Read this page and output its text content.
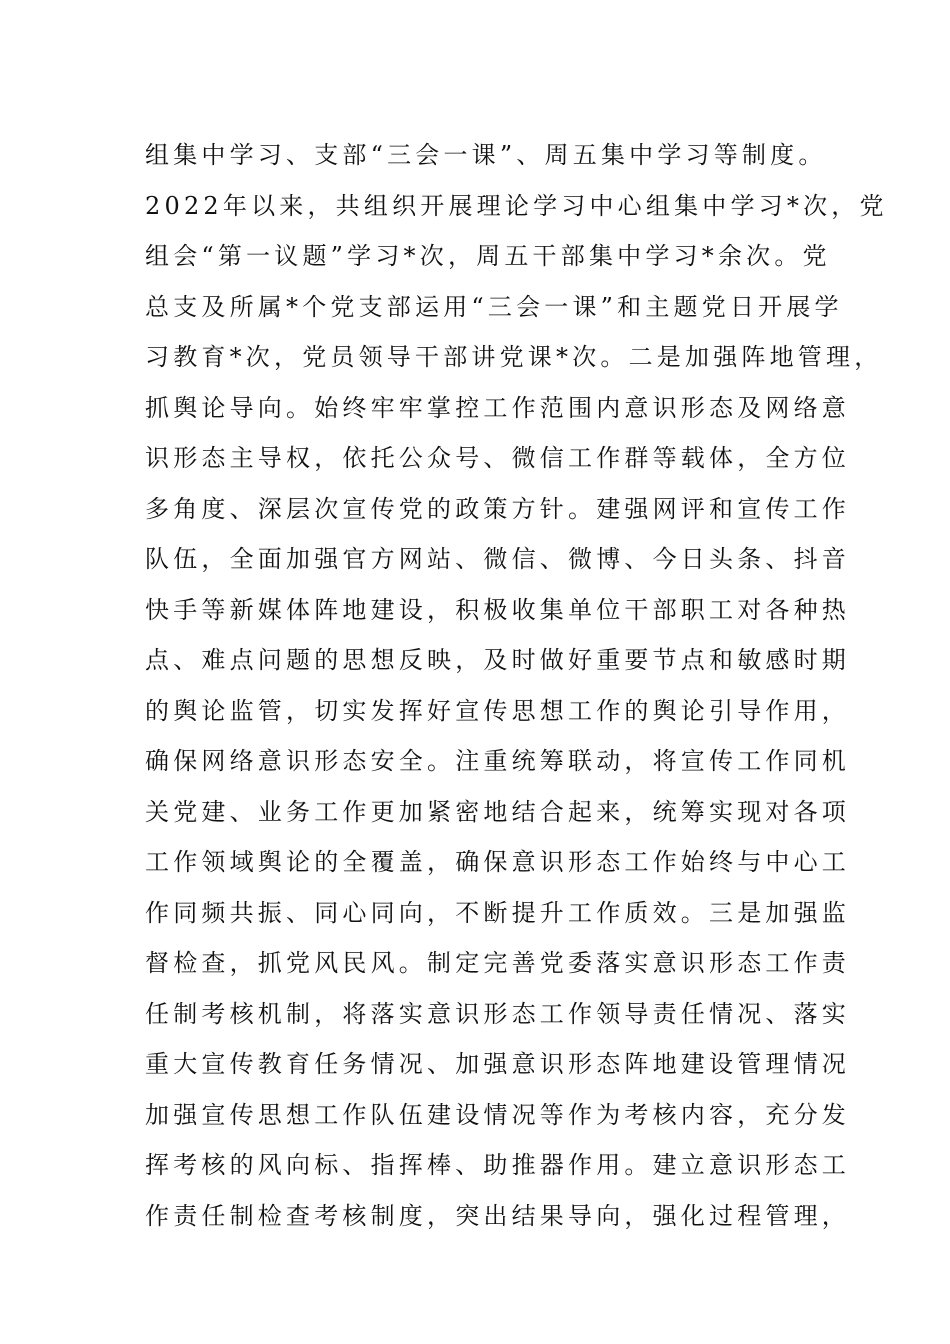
组集中学习、支部“三会一课”、周五集中学习等制度。
2022年以来，共组织开展理论学习中心组集中学习*次，党
组会“第一议题”学习*次，周五干部集中学习*余次。党
总支及所属*个党支部运用“三会一课”和主题党日开展学
习教育*次，党员领导干部讲党课*次。二是加强阵地管理，
抓舆论导向。始终牢牢掌控工作范围内意识形态及网络意
识形态主导权，依托公众号、微信工作群等载体，全方位
多角度、深层次宣传党的政策方针。建强网评和宣传工作
队伍，全面加强官方网站、微信、微博、今日头条、抖音
快手等新媒体阵地建设，积极收集单位干部职工对各种热
点、难点问题的思想反映，及时做好重要节点和敏感时期
的舆论监管，切实发挥好宣传思想工作的舆论引导作用，
确保网络意识形态安全。注重统筹联动，将宣传工作同机
关党建、业务工作更加紧密地结合起来，统筹实现对各项
工作领域舆论的全覆盖，确保意识形态工作始终与中心工
作同频共振、同心同向，不断提升工作质效。三是加强监
督检查，抓党风民风。制定完善党委落实意识形态工作责
任制考核机制，将落实意识形态工作领导责任情况、落实
重大宣传教育任务情况、加强意识形态阵地建设管理情况
加强宣传思想工作队伍建设情况等作为考核内容，充分发
挥考核的风向标、指挥棒、助推器作用。建立意识形态工
作责任制检查考核制度，突出结果导向，强化过程管理，
